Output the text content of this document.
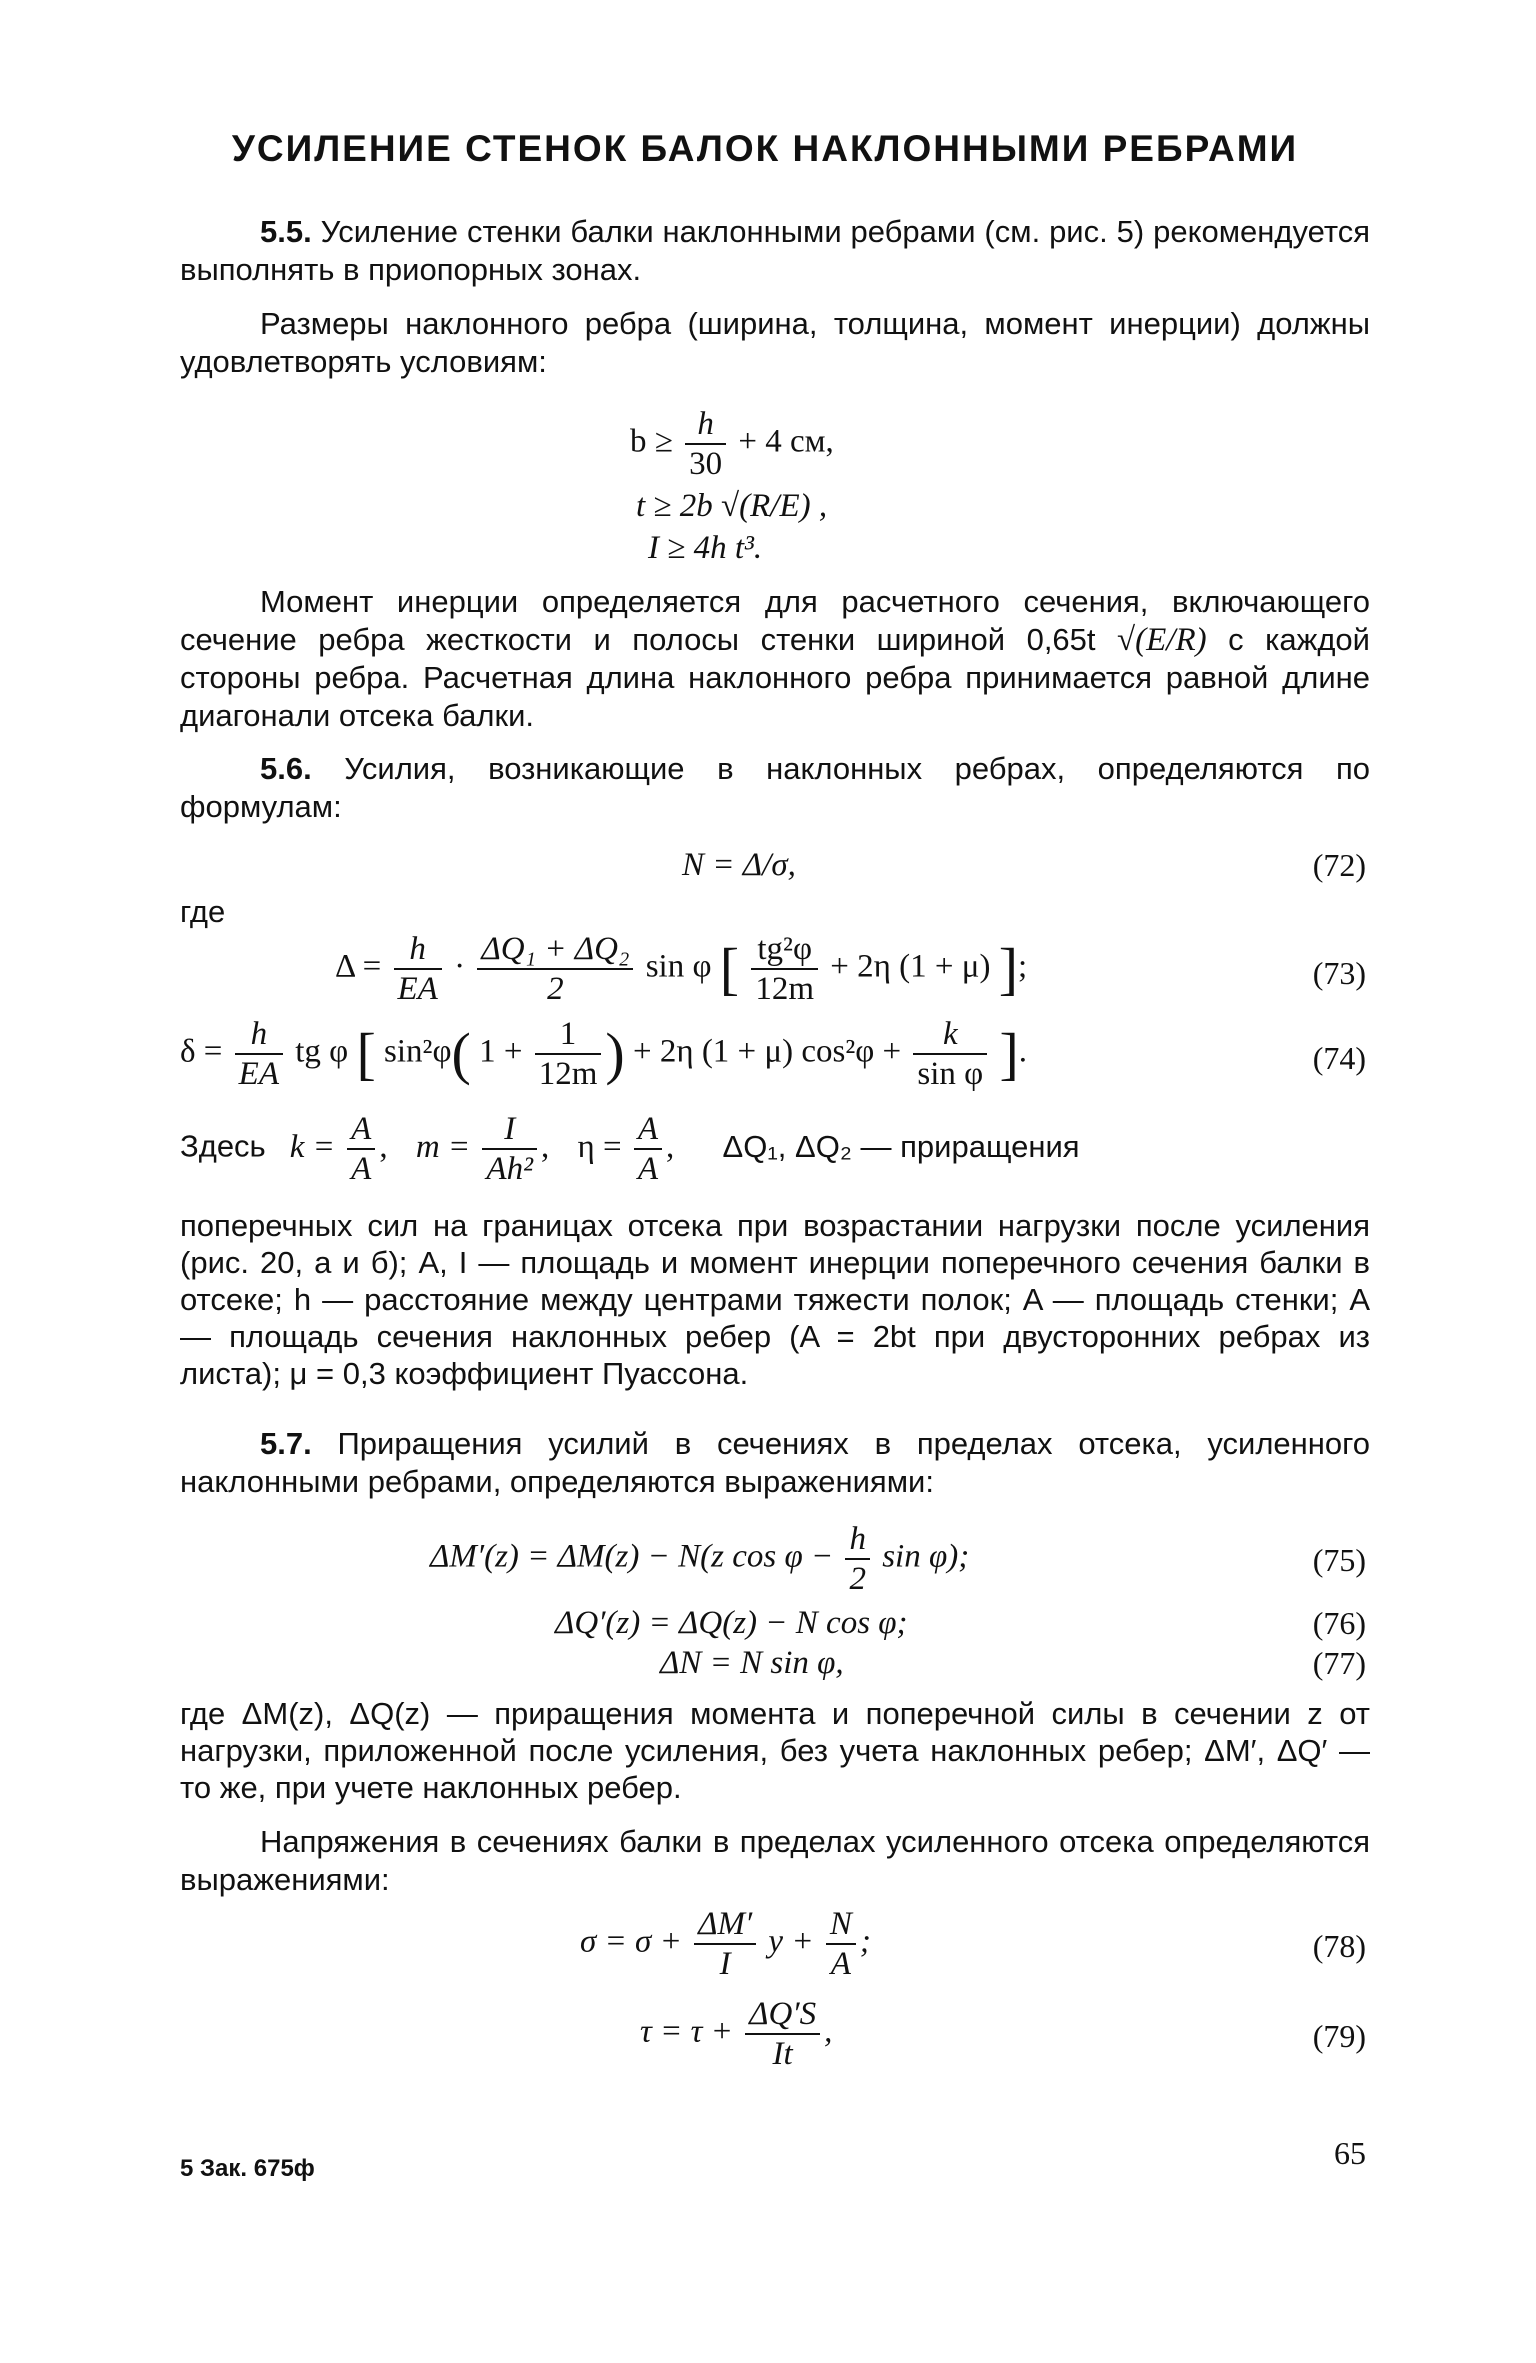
УСИЛЕНИЕ СТЕНОК БАЛОК НАКЛОННЫМИ РЕБРАМИ
5.5. Усиление стенки балки наклонными ребрами (см. рис. 5) рекомендуется выполнять в приопорных зонах.
Размеры наклонного ребра (ширина, толщина, момент инерции) должны удовлетворять условиям:
$b \ge \frac{h}{30} + 4$ см,
t ≥ 2b √(R/E) ,
I ≥ 4h t³.
Момент инерции определяется для расчетного сечения, включающего сечение ребра жесткости и полосы стенки шириной 0,65t √(E/R) с каждой стороны ребра. Расчетная длина наклонного ребра принимается равной длине диагонали отсека балки.
5.6. Усилия, возникающие в наклонных ребрах, определяются по формулам:
N = Δ/σ,	(72)
где
$\Delta = \frac{h}{EA} \cdot \frac{\text{ΔQ₁ + ΔQ₂}}{2}$ sin φ [ $\frac{\text{tg²φ}}{12m} + 2\eta$ (1 + μ) ];	(73)
$\delta = \frac{h}{EA}$ tg φ [ sin²φ( $1 + \frac{1}{12m}$ ) + 2η (1 + μ) $\cos^2\varphi + \frac{k}{\text{sin φ}}$ ].	(74)
Здесь $k = \frac{A}{A}$ , $m = \frac{I}{\text{Ah²}}$ , $\eta = \frac{A}{A}$ , ΔQ₁, ΔQ₂ — приращения
поперечных сил на границах отсека при возрастании нагрузки после усиления (рис. 20, а и б); A, I — площадь и момент инерции поперечного сечения балки в отсеке; h — расстояние между центрами тяжести полок; A — площадь стенки; A — площадь сечения наклонных ребер (A = 2bt при двусторонних ребрах из листа); μ = 0,3 коэффициент Пуассона.
5.7. Приращения усилий в сечениях в пределах отсека, усиленного наклонными ребрами, определяются выражениями:
ΔM′(z) = ΔM(z) − N(z $\cos \varphi - \frac{h}{2}$ sin φ);	(75)
ΔQ′(z) = ΔQ(z) − N cos φ;	(76)
ΔN = N sin φ,	(77)
где ΔM(z), ΔQ(z) — приращения момента и поперечной силы в сечении z от нагрузки, приложенной после усиления, без учета наклонных ребер; ΔM′, ΔQ′ — то же, при учете наклонных ребер.
Напряжения в сечениях балки в пределах усиленного отсека определяются выражениями:
$\sigma = \sigma + \frac{\Delta M'}{I}$ $y + \frac{N}{A}$ ;	(78)
$\tau = \tau + \frac{\Delta Q'S}{It}$ ,	(79)
5 Зак. 675ф	65
